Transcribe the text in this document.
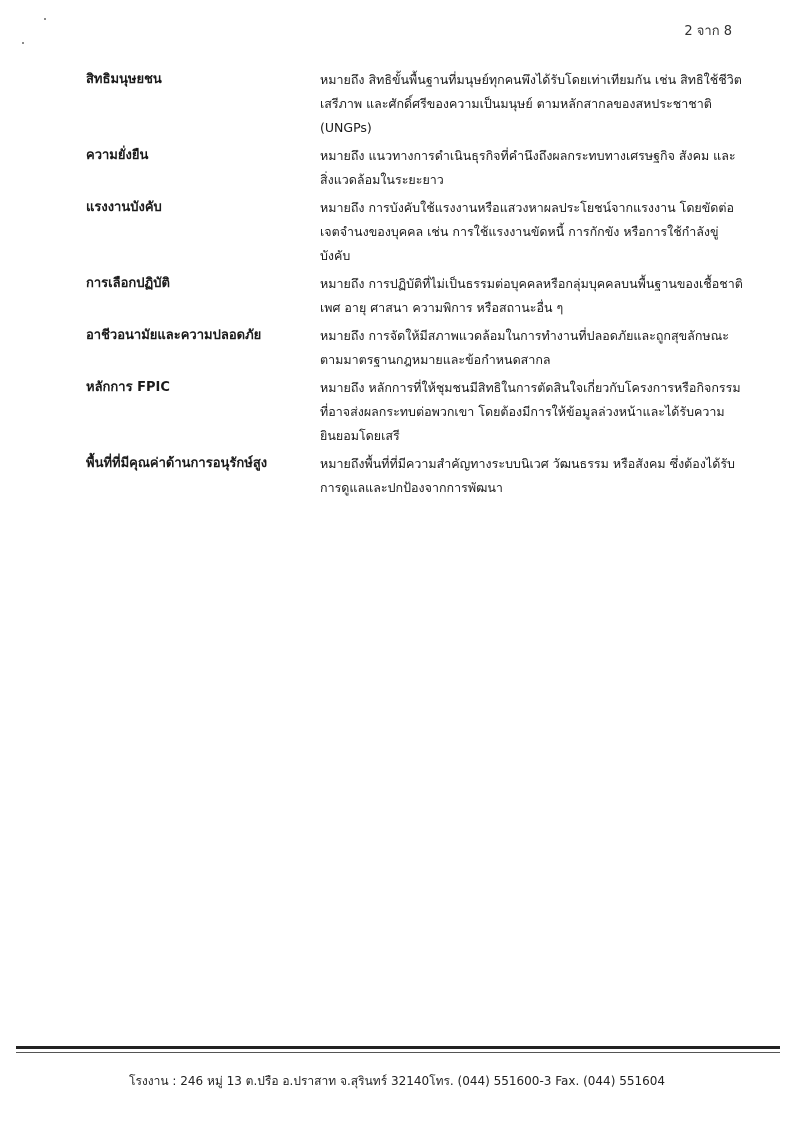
2 จาก 8
สิทธิมนุษยชน	หมายถึง สิทธิขั้นพื้นฐานที่มนุษย์ทุกคนพึงได้รับโดยเท่าเทียมกัน เช่น สิทธิใช้ชีวิต เสรีภาพ และศักดิ์ศรีของความเป็นมนุษย์ ตามหลักสากลของสหประชาชาติ (UNGPs)
ความยั่งยืน	หมายถึง แนวทางการดำเนินธุรกิจที่คำนึงถึงผลกระทบทางเศรษฐกิจ สังคม และสิ่งแวดล้อมในระยะยาว
แรงงานบังคับ	หมายถึง การบังคับใช้แรงงานหรือแสวงหาผลประโยชน์จากแรงงาน โดยขัดต่อเจตจำนงของบุคคล เช่น การใช้แรงงานขัดหนี้ การกักขัง หรือการใช้กำลังขู่บังคับ
การเลือกปฏิบัติ	หมายถึง การปฏิบัติที่ไม่เป็นธรรมต่อบุคคลหรือกลุ่มบุคคลบนพื้นฐานของเชื้อชาติ เพศ อายุ ศาสนา ความพิการ หรือสถานะอื่น ๆ
อาชีวอนามัยและความปลอดภัย	หมายถึง การจัดให้มีสภาพแวดล้อมในการทำงานที่ปลอดภัยและถูกสุขลักษณะตามมาตรฐานกฎหมายและข้อกำหนดสากล
หลักการ FPIC	หมายถึง หลักการที่ให้ชุมชนมีสิทธิในการตัดสินใจเกี่ยวกับโครงการหรือกิจกรรมที่อาจส่งผลกระทบต่อพวกเขา โดยต้องมีการให้ข้อมูลล่วงหน้าและได้รับความยินยอมโดยเสรี
พื้นที่ที่มีคุณค่าด้านการอนุรักษ์สูง	หมายถึงพื้นที่ที่มีความสำคัญทางระบบนิเวศ วัฒนธรรม หรือสังคม ซึ่งต้องได้รับการดูแลและปกป้องจากการพัฒนา
โรงงาน : 246 หมู่ 13 ต.ปรือ อ.ปราสาท จ.สุรินทร์ 32140โทร. (044) 551600-3 Fax. (044) 551604
